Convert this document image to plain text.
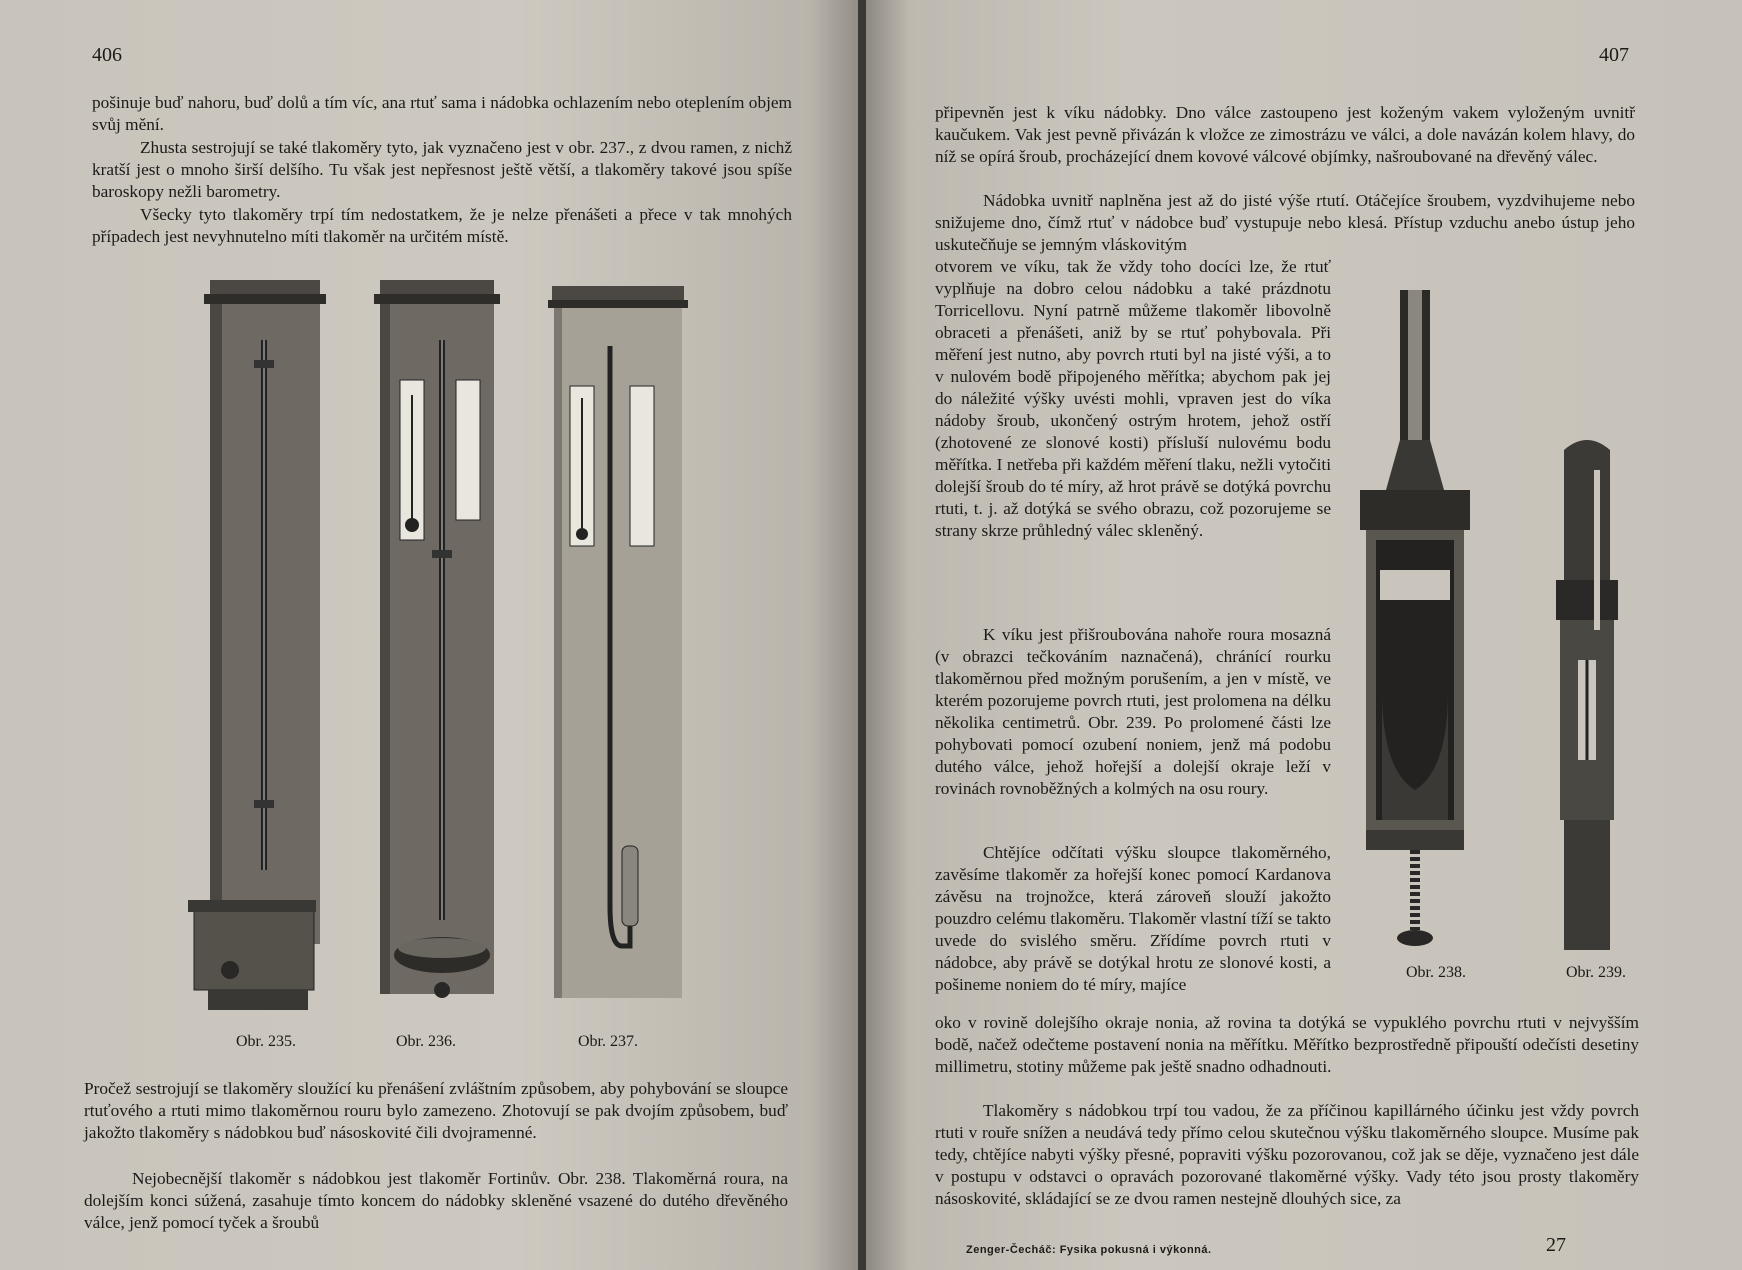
406

pošinuje buď nahoru, buď dolů a tím víc, ana rtuť sama i nádobka ochlazením nebo oteplením objem svůj mění.

Zhusta sestrojují se také tlakoměry tyto, jak vyznačeno jest v obr. 237., z dvou ramen, z nichž kratší jest o mnoho širší delšího. Tu však jest nepřesnost ještě větší, a tlakoměry takové jsou spíše baroskopy nežli barometry.

Všecky tyto tlakoměry trpí tím nedostatkem, že je nelze přenášeti a přece v tak mnohých případech jest nevyhnutelno míti tlakoměr na určitém místě.

Obr. 235.	Obr. 236.	Obr. 237.

Pročež sestrojují se tlakoměry sloužící ku přenášení zvláštním způsobem, aby pohybování se sloupce rtuťového a rtuti mimo tlakoměrnou rouru bylo zamezeno. Zhotovují se pak dvojím způsobem, buď jakožto tlakoměry s nádobkou buď násoskovité čili dvojramenné.

Nejobecnější tlakoměr s nádobkou jest tlakoměr Fortinův. Obr. 238. Tlakoměrná roura, na dolejším konci súžená, zasahuje tímto koncem do nádobky skleněné vsazené do dutého dřevěného válce, jenž pomocí tyček a šroubů

407

připevněn jest k víku nádobky. Dno válce zastoupeno jest koženým vakem vyloženým uvnitř kaučukem. Vak jest pevně přivázán k vložce ze zimostrázu ve válci, a dole navázán kolem hlavy, do níž se opírá šroub, procházející dnem kovové válcové objímky, našroubované na dřevěný válec.

Nádobka uvnitř naplněna jest až do jisté výše rtutí. Otáčejíce šroubem, vyzdvihujeme nebo snižujeme dno, čímž rtuť v nádobce buď vystupuje nebo klesá. Přístup vzduchu anebo ústup jeho uskutečňuje se jemným vláskovitým

otvorem ve víku, tak že vždy toho docíci lze, že rtuť vyplňuje na dobro celou nádobku a také prázdnotu Torricellovu. Nyní patrně můžeme tlakoměr libovolně obraceti a přenášeti, aniž by se rtuť pohybovala. Při měření jest nutno, aby povrch rtuti byl na jisté výši, a to v nulovém bodě připojeného měřítka; abychom pak jej do náležité výšky uvésti mohli, vpraven jest do víka nádoby šroub, ukončený ostrým hrotem, jehož ostří (zhotovené ze slonové kosti) přísluší nulovému bodu měřítka. I netřeba při každém měření tlaku, nežli vytočiti dolejší šroub do té míry, až hrot právě se dotýká povrchu rtuti, t. j. až dotýká se svého obrazu, což pozorujeme se strany skrze průhledný válec skleněný.

K víku jest přišroubována nahoře roura mosazná (v obrazci tečkováním naznačená), chránící rourku tlakoměrnou před možným porušením, a jen v místě, ve kterém pozorujeme povrch rtuti, jest prolomena na délku několika centimetrů. Obr. 239. Po prolomené části lze pohybovati pomocí ozubení noniem, jenž má podobu dutého válce, jehož hořejší a dolejší okraje leží v rovinách rovnoběžných a kolmých na osu roury.

Chtějíce odčítati výšku sloupce tlakoměrného, zavěsíme tlakoměr za hořejší konec pomocí Kardanova závěsu na trojnožce, která zároveň slouží jakožto pouzdro celému tlakoměru. Tlakoměr vlastní tíží se takto uvede do svislého směru. Zřídíme povrch rtuti v nádobce, aby právě se dotýkal hrotu ze slonové kosti, a pošineme noniem do té míry, majíce

Obr. 238.	Obr. 239.

oko v rovině dolejšího okraje nonia, až rovina ta dotýká se vypuklého povrchu rtuti v nejvyšším bodě, načež odečteme postavení nonia na měřítku. Měřítko bezprostředně připouští odečísti desetiny millimetru, stotiny můžeme pak ještě snadno odhadnouti.

Tlakoměry s nádobkou trpí tou vadou, že za příčinou kapillárného účinku jest vždy povrch rtuti v rouře snížen a neudává tedy přímo celou skutečnou výšku tlakoměrného sloupce. Musíme pak tedy, chtějíce nabyti výšky přesné, popraviti výšku pozorovanou, což jak se děje, vyznačeno jest dále v postupu v odstavci o opravách pozorované tlakoměrné výšky. Vady této jsou prosty tlakoměry násoskovité, skládající se ze dvou ramen nestejně dlouhých sice, za

Zenger-Čecháč: Fysika pokusná i výkonná.	27
